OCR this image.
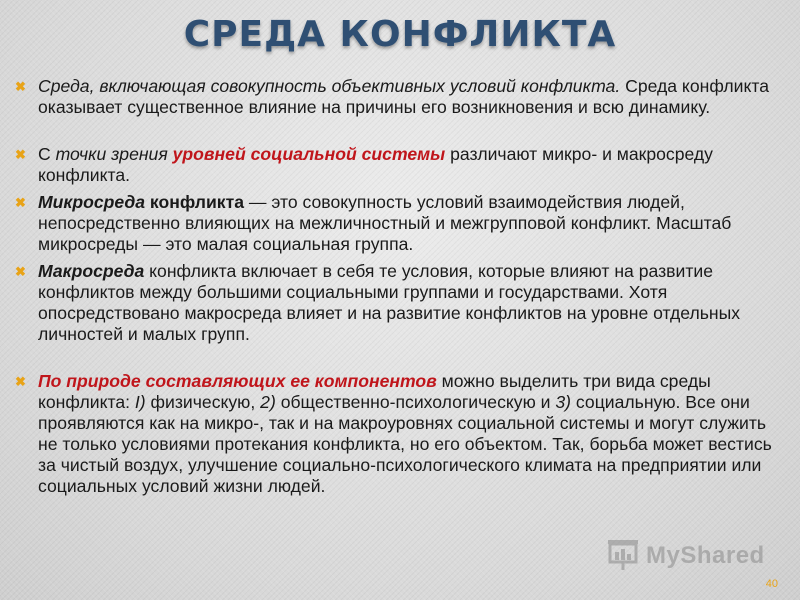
СРЕДА КОНФЛИКТА
✖ Среда, включающая совокупность объективных условий конфликта. Среда конфликта оказывает существенное влияние на причины его возникновения и всю динамику.
✖ С точки зрения уровней социальной системы различают микро- и макросреду конфликта.
✖ Микросреда конфликта — это совокупность условий взаимодействия людей, непосредственно влияющих на межличностный и межгрупповой конфликт. Масштаб микросреды — это малая социальная группа.
✖ Макросреда конфликта включает в себя те условия, которые влияют на развитие конфликтов между большими социальными группами и государствами. Хотя опосредствовано макросреда влияет и на развитие конфликтов на уровне отдельных личностей и малых групп.
✖ По природе составляющих ее компонентов можно выделить три вида среды конфликта: I) физическую, 2) общественно-психологическую и 3) социальную. Все они проявляются как на микро-, так и на макроуровнях социальной системы и могут служить не только условиями протекания конфликта, но его объектом. Так, борьба может вестись за чистый воздух, улучшение социально-психологического климата на предприятии или социальных условий жизни людей.
MyShared
40
